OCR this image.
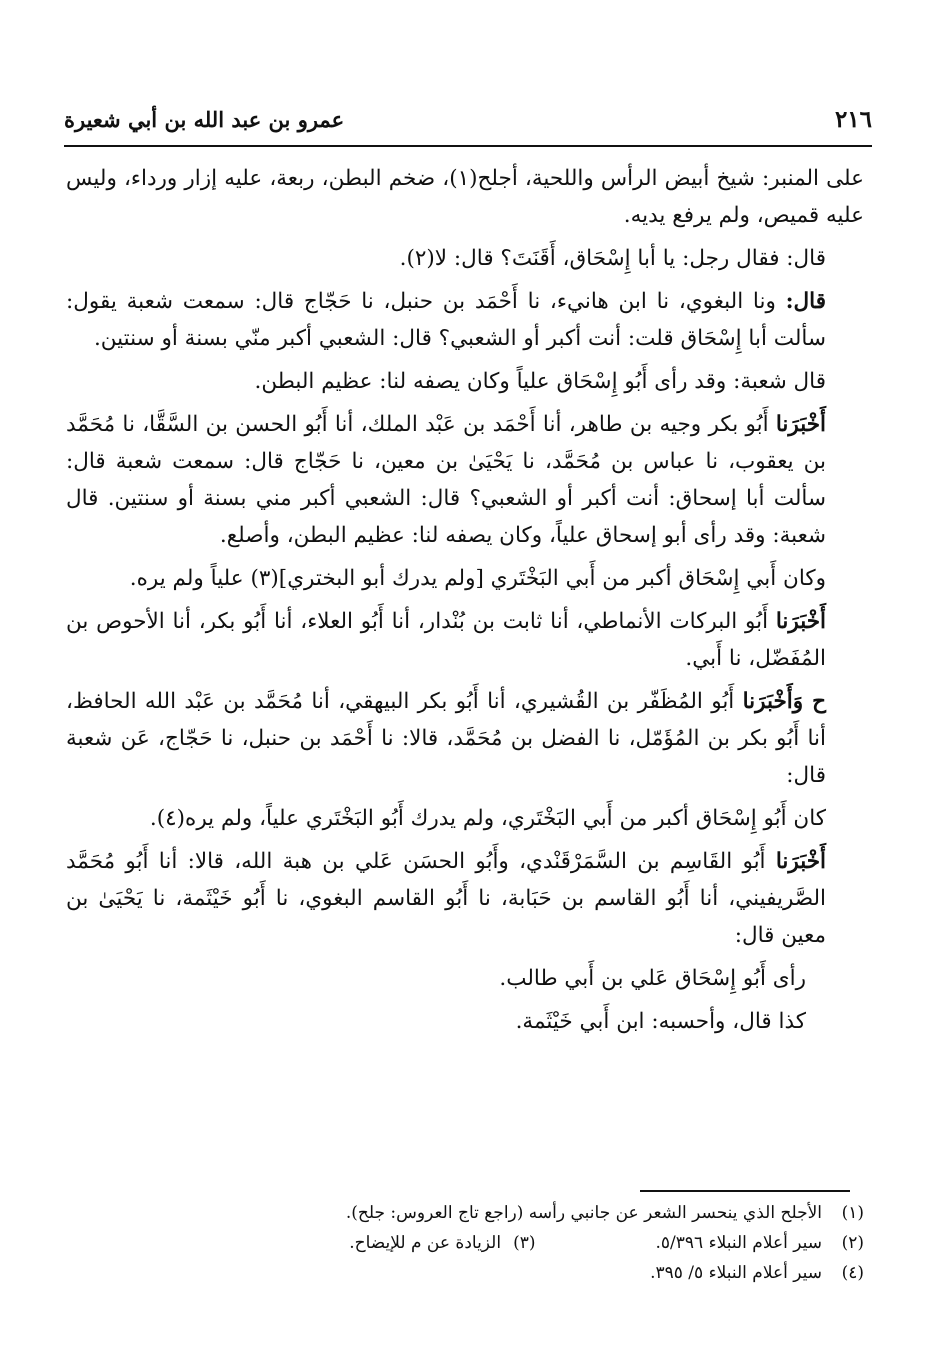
٢١٦
عمرو بن عبد الله بن أبي شعيرة

على المنبر: شيخ أبيض الرأس واللحية، أجلح(١)، ضخم البطن، ربعة، عليه إزار ورداء، وليس عليه قميص، ولم يرفع يديه.

قال: فقال رجل: يا أبا إِسْحَاق، أَقَنَتَ؟ قال: لا(٢).

قال: ونا البغوي، نا ابن هانيء، نا أَحْمَد بن حنبل، نا حَجّاج قال: سمعت شعبة يقول: سألت أبا إِسْحَاق قلت: أنت أكبر أو الشعبي؟ قال: الشعبي أكبر منّي بسنة أو سنتين.

قال شعبة: وقد رأى أَبُو إِسْحَاق علياً وكان يصفه لنا: عظيم البطن.

أَخْبَرَنا أَبُو بكر وجيه بن طاهر، أنا أَحْمَد بن عَبْد الملك، أنا أَبُو الحسن بن السَّقَّا، نا مُحَمَّد بن يعقوب، نا عباس بن مُحَمَّد، نا يَحْيَىٰ بن معين، نا حَجّاج قال: سمعت شعبة قال: سألت أبا إسحاق: أنت أكبر أو الشعبي؟ قال: الشعبي أكبر مني بسنة أو سنتين. قال شعبة: وقد رأى أبو إسحاق علياً، وكان يصفه لنا: عظيم البطن، وأصلع.

وكان أَبي إِسْحَاق أكبر من أَبي البَخْتَري [ولم يدرك أبو البختري](٣) علياً ولم يره.

أَخْبَرَنا أَبُو البركات الأنماطي، أنا ثابت بن بُنْدار، أنا أَبُو العلاء، أنا أَبُو بكر، أنا الأحوص بن المُفَضّل، نا أَبي.

ح وَأَخْبَرَنا أَبُو المُظَفّر بن القُشيري، أنا أَبُو بكر البيهقي، أنا مُحَمَّد بن عَبْد الله الحافظ، أنا أَبُو بكر بن المُؤَمّل، نا الفضل بن مُحَمَّد، قالا: نا أَحْمَد بن حنبل، نا حَجّاج، عَن شعبة قال:

كان أَبُو إِسْحَاق أكبر من أَبي البَخْتَري، ولم يدرك أَبُو البَخْتَري علياً، ولم يره(٤).

أَخْبَرَنا أَبُو القَاسِم بن السَّمَرْقَنْدي، وأَبُو الحسَن عَلي بن هبة الله، قالا: أنا أَبُو مُحَمَّد الصَّريفيني، أنا أَبُو القاسم بن حَبَابة، نا أَبُو القاسم البغوي، نا أَبُو خَيْثَمة، نا يَحْيَىٰ بن معين قال:

رأى أَبُو إِسْحَاق عَلي بن أَبي طالب.

كذا قال، وأحسبه: ابن أَبي خَيْثَمة.

(١)
الأجلح الذي ينحسر الشعر عن جانبي رأسه (راجع تاج العروس: جلح).
(٢)
سير أعلام النبلاء ٥/٣٩٦.
(٣)
الزيادة عن م للإيضاح.
(٤)
سير أعلام النبلاء ٥/ ٣٩٥.
